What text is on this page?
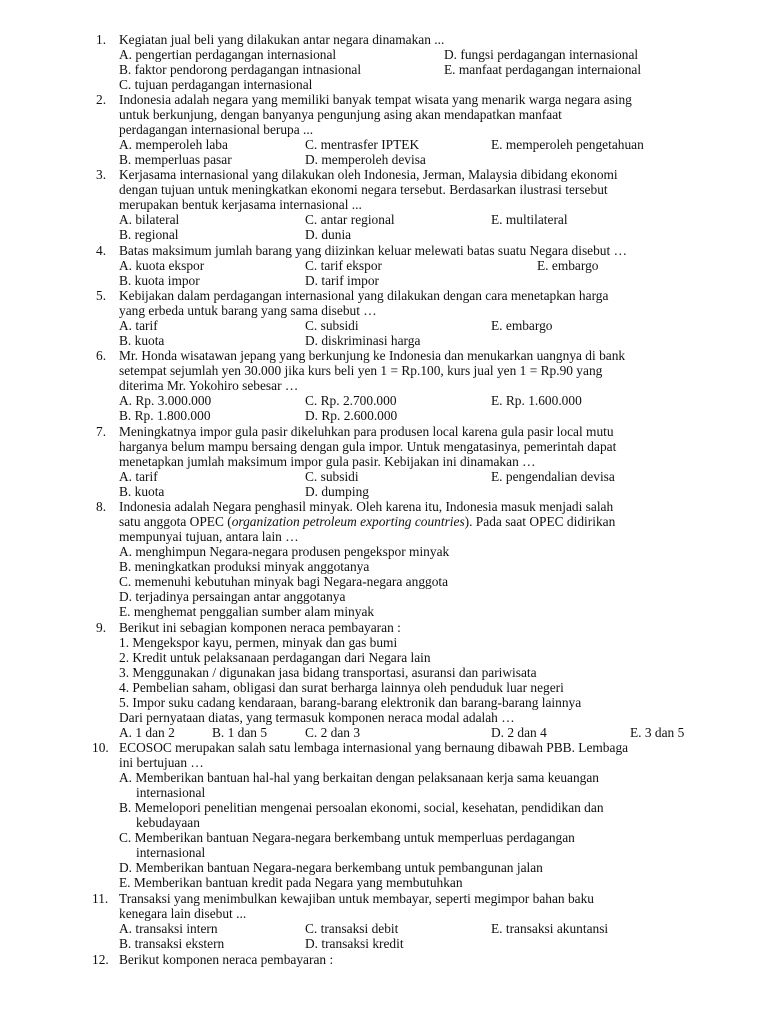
1. Kegiatan jual beli yang dilakukan antar negara dinamakan ...
A. pengertian perdagangan internasional	D. fungsi perdagangan internasional
B. faktor pendorong perdagangan intnasional	E. manfaat perdagangan internaional
C. tujuan perdagangan internasional
2. Indonesia adalah negara yang memiliki banyak tempat wisata yang menarik warga negara asing
untuk berkunjung, dengan banyanya pengunjung asing akan mendapatkan manfaat
perdagangan internasional berupa ...
A. memperoleh laba	C. mentrasfer IPTEK	E. memperoleh pengetahuan
B. memperluas pasar	D. memperoleh devisa
3. Kerjasama internasional yang dilakukan oleh Indonesia, Jerman, Malaysia dibidang ekonomi
dengan tujuan untuk meningkatkan ekonomi negara tersebut. Berdasarkan ilustrasi tersebut
merupakan bentuk kerjasama internasional ...
A. bilateral	C. antar regional	E. multilateral
B. regional	D. dunia
4. Batas maksimum jumlah barang yang diizinkan keluar melewati batas suatu Negara disebut …
A. kuota ekspor	C. tarif ekspor	E. embargo
B. kuota impor	D. tarif impor
5. Kebijakan dalam perdagangan internasional yang dilakukan dengan cara menetapkan harga
yang erbeda untuk barang yang sama disebut …
A. tarif	C. subsidi	E. embargo
B. kuota	D. diskriminasi harga
6. Mr. Honda wisatawan jepang yang berkunjung ke Indonesia dan menukarkan uangnya di bank
setempat sejumlah yen 30.000 jika kurs beli yen 1 = Rp.100, kurs jual yen 1 = Rp.90 yang
diterima Mr. Yokohiro sebesar …
A. Rp. 3.000.000	C. Rp. 2.700.000	E. Rp. 1.600.000
B. Rp. 1.800.000	D. Rp. 2.600.000
7. Meningkatnya impor gula pasir dikeluhkan para produsen local karena gula pasir local mutu
harganya belum mampu bersaing dengan gula impor. Untuk mengatasinya, pemerintah dapat
menetapkan jumlah maksimum impor gula pasir. Kebijakan ini dinamakan …
A. tarif	C. subsidi	E. pengendalian devisa
B. kuota	D. dumping
8. Indonesia adalah Negara penghasil minyak. Oleh karena itu, Indonesia masuk menjadi salah
satu anggota OPEC (organization petroleum exporting countries). Pada saat OPEC didirikan
mempunyai tujuan, antara lain …
A. menghimpun Negara-negara produsen pengekspor minyak
B. meningkatkan produksi minyak anggotanya
C. memenuhi kebutuhan minyak bagi Negara-negara anggota
D. terjadinya persaingan antar anggotanya
E. menghemat penggalian sumber alam minyak
9. Berikut ini sebagian komponen neraca pembayaran :
1. Mengekspor kayu, permen, minyak dan gas bumi
2. Kredit untuk pelaksanaan perdagangan dari Negara lain
3. Menggunakan / digunakan jasa bidang transportasi, asuransi dan pariwisata
4. Pembelian saham, obligasi dan surat berharga lainnya oleh penduduk luar negeri
5. Impor suku cadang kendaraan, barang-barang elektronik dan barang-barang lainnya
Dari pernyataan diatas, yang termasuk komponen neraca modal adalah …
A. 1 dan 2	B. 1 dan 5	C. 2 dan 3	D. 2 dan 4	E. 3 dan 5
10. ECOSOC merupakan salah satu lembaga internasional yang bernaung dibawah PBB. Lembaga
ini bertujuan …
A. Memberikan bantuan hal-hal yang berkaitan dengan pelaksanaan kerja sama keuangan
internasional
B. Memelopori penelitian mengenai persoalan ekonomi, social, kesehatan, pendidikan dan
kebudayaan
C. Memberikan bantuan Negara-negara berkembang untuk memperluas perdagangan
internasional
D. Memberikan bantuan Negara-negara berkembang untuk pembangunan jalan
E. Memberikan bantuan kredit pada Negara yang membutuhkan
11. Transaksi yang menimbulkan kewajiban untuk membayar, seperti megimpor bahan baku
kenegara lain disebut ...
A. transaksi intern	C. transaksi debit	E. transaksi akuntansi
B. transaksi ekstern	D. transaksi kredit
12. Berikut komponen neraca pembayaran :
